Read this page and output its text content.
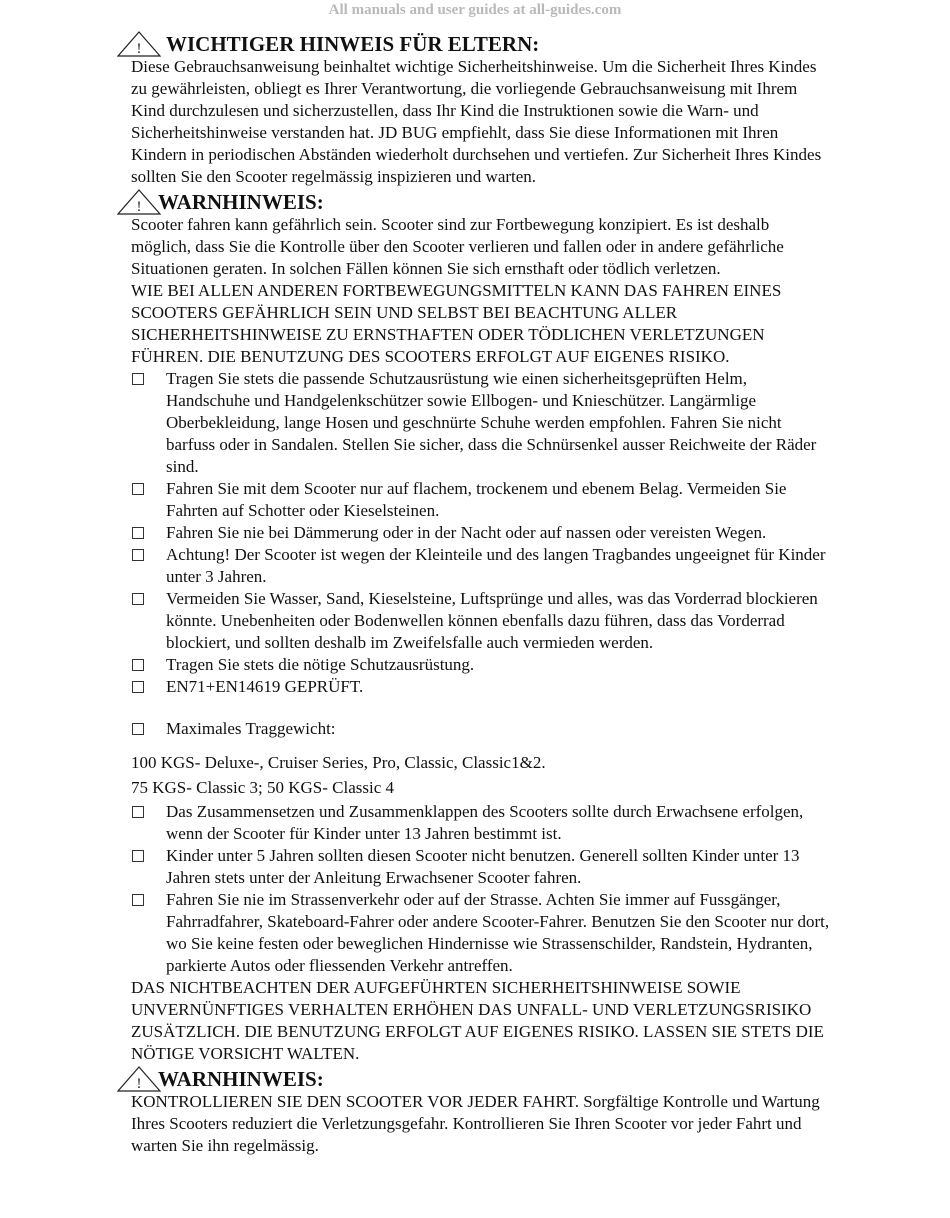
All manuals and user guides at all-guides.com
! WICHTIGER HINWEIS FÜR ELTERN:

Diese Gebrauchsanweisung beinhaltet wichtige Sicherheitshinweise. Um die Sicherheit Ihres Kindes zu gewährleisten, obliegt es Ihrer Verantwortung, die vorliegende Gebrauchsanweisung mit Ihrem Kind durchzulesen und sicherzustellen, dass Ihr Kind die Instruktionen sowie die Warn- und Sicherheitshinweise verstanden hat. JD BUG empfiehlt, dass Sie diese Informationen mit Ihren Kindern in periodischen Abständen wiederholt durchsehen und vertiefen. Zur Sicherheit Ihres Kindes sollten Sie den Scooter regelmässig inspizieren und warten.

! WARNHINWEIS:

Scooter fahren kann gefährlich sein. Scooter sind zur Fortbewegung konzipiert. Es ist deshalb möglich, dass Sie die Kontrolle über den Scooter verlieren und fallen oder in andere gefährliche Situationen geraten. In solchen Fällen können Sie sich ernsthaft oder tödlich verletzen.

WIE BEI ALLEN ANDEREN FORTBEWEGUNGSMITTELN KANN DAS FAHREN EINES SCOOTERS GEFÄHRLICH SEIN UND SELBST BEI BEACHTUNG ALLER SICHERHEITSHINWEISE ZU ERNSTHAFTEN ODER TÖDLICHEN VERLETZUNGEN FÜHREN. DIE BENUTZUNG DES SCOOTERS ERFOLGT AUF EIGENES RISIKO.

Tragen Sie stets die passende Schutzausrüstung wie einen sicherheitsgeprüften Helm, Handschuhe und Handgelenkschützer sowie Ellbogen- und Knieschützer. Langärmlige Oberbekleidung, lange Hosen und geschnürte Schuhe werden empfohlen. Fahren Sie nicht barfuss oder in Sandalen. Stellen Sie sicher, dass die Schnürsenkel ausser Reichweite der Räder sind.
Fahren Sie mit dem Scooter nur auf flachem, trockenem und ebenem Belag. Vermeiden Sie Fahrten auf Schotter oder Kieselsteinen.
Fahren Sie nie bei Dämmerung oder in der Nacht oder auf nassen oder vereisten Wegen.
Achtung! Der Scooter ist wegen der Kleinteile und des langen Tragbandes ungeeignet für Kinder unter 3 Jahren.
Vermeiden Sie Wasser, Sand, Kieselsteine, Luftsprünge und alles, was das Vorderrad blockieren könnte. Unebenheiten oder Bodenwellen können ebenfalls dazu führen, dass das Vorderrad blockiert, und sollten deshalb im Zweifelsfalle auch vermieden werden.
Tragen Sie stets die nötige Schutzausrüstung.
EN71+EN14619 GEPRÜFT.
Maximales Traggewicht:

100 KGS- Deluxe-, Cruiser Series, Pro, Classic, Classic1&2.

75 KGS- Classic 3; 50 KGS- Classic 4

Das Zusammensetzen und Zusammenklappen des Scooters sollte durch Erwachsene erfolgen, wenn der Scooter für Kinder unter 13 Jahren bestimmt ist.
Kinder unter 5 Jahren sollten diesen Scooter nicht benutzen. Generell sollten Kinder unter 13 Jahren stets unter der Anleitung Erwachsener Scooter fahren.
Fahren Sie nie im Strassenverkehr oder auf der Strasse. Achten Sie immer auf Fussgänger, Fahrradfahrer, Skateboard-Fahrer oder andere Scooter-Fahrer. Benutzen Sie den Scooter nur dort, wo Sie keine festen oder beweglichen Hindernisse wie Strassenschilder, Randstein, Hydranten, parkierte Autos oder fliessenden Verkehr antreffen.

DAS NICHTBEACHTEN DER AUFGEFÜHRTEN SICHERHEITSHINWEISE SOWIE UNVERNÜNFTIGES VERHALTEN ERHÖHEN DAS UNFALL- UND VERLETZUNGSRISIKO ZUSÄTZLICH. DIE BENUTZUNG ERFOLGT AUF EIGENES RISIKO. LASSEN SIE STETS DIE NÖTIGE VORSICHT WALTEN.

! WARNHINWEIS:

KONTROLLIEREN SIE DEN SCOOTER VOR JEDER FAHRT. Sorgfältige Kontrolle und Wartung Ihres Scooters reduziert die Verletzungsgefahr. Kontrollieren Sie Ihren Scooter vor jeder Fahrt und warten Sie ihn regelmässig.
